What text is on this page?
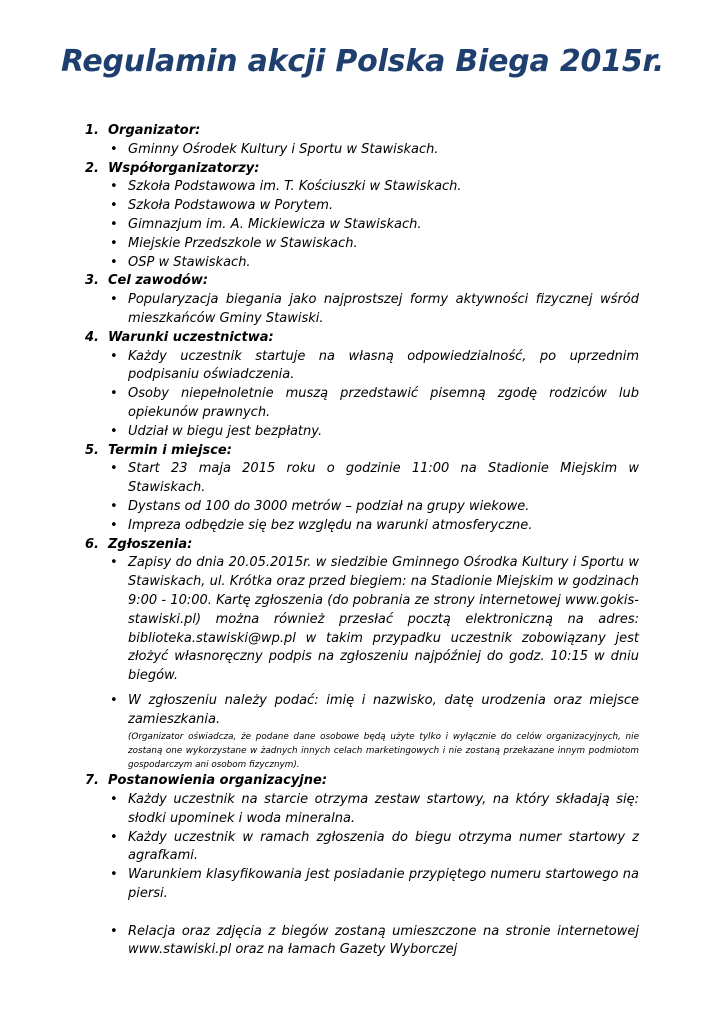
Regulamin akcji Polska Biega 2015r.
1. Organizator:
• Gminny Ośrodek Kultury i Sportu w Stawiskach.
2. Współorganizatorzy:
• Szkoła Podstawowa im. T. Kościuszki w Stawiskach.
• Szkoła Podstawowa w Porytem.
• Gimnazjum im. A. Mickiewicza w Stawiskach.
• Miejskie Przedszkole w Stawiskach.
• OSP w Stawiskach.
3. Cel zawodów:
• Popularyzacja biegania jako najprostszej formy aktywności fizycznej wśród mieszkańców Gminy Stawiski.
4. Warunki uczestnictwa:
• Każdy uczestnik startuje na własną odpowiedzialność, po uprzednim podpisaniu oświadczenia.
• Osoby niepełnoletnie muszą przedstawić pisemną zgodę rodziców lub opiekunów prawnych.
• Udział w biegu jest bezpłatny.
5. Termin i miejsce:
• Start 23 maja 2015 roku o godzinie 11:00 na Stadionie Miejskim w Stawiskach.
• Dystans od 100 do 3000 metrów – podział na grupy wiekowe.
• Impreza odbędzie się bez względu na warunki atmosferyczne.
6. Zgłoszenia:
• Zapisy do dnia 20.05.2015r. w siedzibie Gminnego Ośrodka Kultury i Sportu w Stawiskach, ul. Krótka oraz przed biegiem: na Stadionie Miejskim w godzinach 9:00 - 10:00. Kartę zgłoszenia (do pobrania ze strony internetowej www.gokis-stawiski.pl) można również przesłać pocztą elektroniczną na adres: biblioteka.stawiski@wp.pl w takim przypadku uczestnik zobowiązany jest złożyć własnoręczny podpis na zgłoszeniu najpóźniej do godz. 10:15 w dniu biegów.
• W zgłoszeniu należy podać: imię i nazwisko, datę urodzenia oraz miejsce zamieszkania.
(Organizator oświadcza, że podane dane osobowe będą użyte tylko i wyłącznie do celów organizacyjnych, nie zostaną one wykorzystane w żadnych innych celach marketingowych i nie zostaną przekazane innym podmiotom gospodarczym ani osobom fizycznym).
7. Postanowienia organizacyjne:
• Każdy uczestnik na starcie otrzyma zestaw startowy, na który składają się: słodki upominek i woda mineralna.
• Każdy uczestnik w ramach zgłoszenia do biegu otrzyma numer startowy z agrafkami.
• Warunkiem klasyfikowania jest posiadanie przypiętego numeru startowego na piersi.
• Relacja oraz zdjęcia z biegów zostaną umieszczone na stronie internetowej www.stawiski.pl oraz na łamach Gazety Wyborczej
